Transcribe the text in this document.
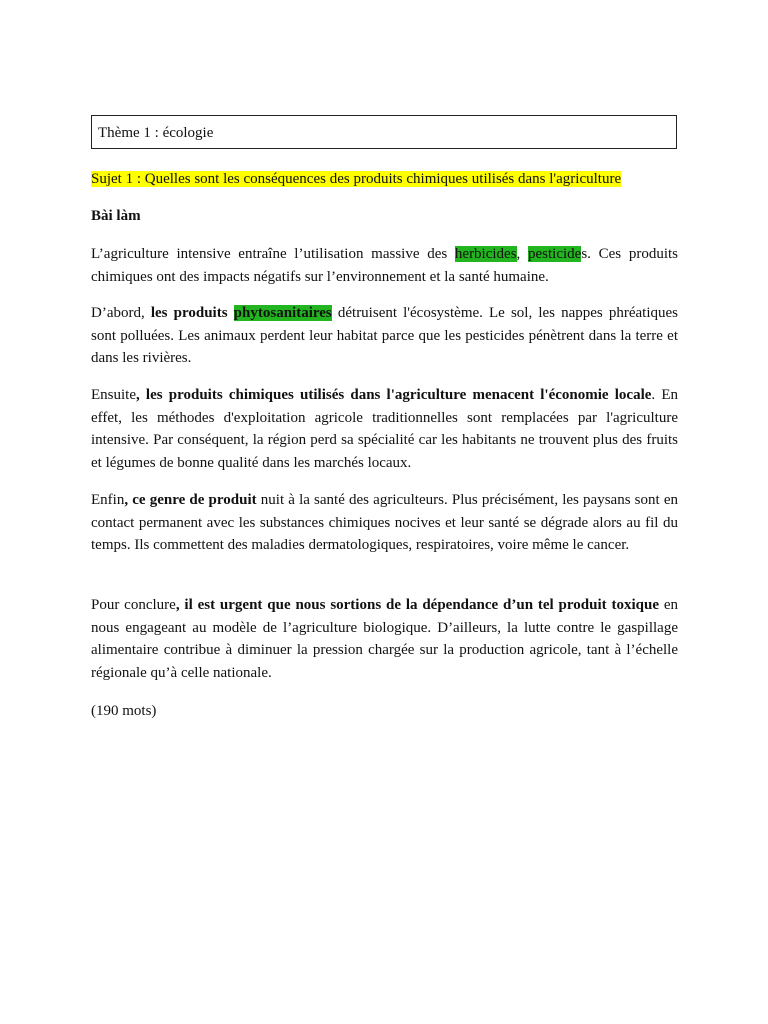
Thème 1 : écologie
Sujet 1 : Quelles sont les conséquences des produits chimiques utilisés dans l'agriculture
Bài làm

L’agriculture intensive entraîne l’utilisation massive des herbicides, pesticides. Ces produits chimiques ont des impacts négatifs sur l’environnement et la santé humaine.

D’abord, les produits phytosanitaires détruisent l'écosystème. Le sol, les nappes phréatiques sont polluées. Les animaux perdent leur habitat parce que les pesticides pénètrent dans la terre et dans les rivières.

Ensuite, les produits chimiques utilisés dans l'agriculture menacent l'économie locale. En effet, les méthodes d'exploitation agricole traditionnelles sont remplacées par l'agriculture intensive. Par conséquent, la région perd sa spécialité car les habitants ne trouvent plus des fruits et légumes de bonne qualité dans les marchés locaux.

Enfin, ce genre de produit nuit à la santé des agriculteurs. Plus précisément, les paysans sont en contact permanent avec les substances chimiques nocives et leur santé se dégrade alors au fil du temps. Ils commettent des maladies dermatologiques, respiratoires, voire même le cancer.

Pour conclure, il est urgent que nous sortions de la dépendance d’un tel produit toxique en nous engageant au modèle de l’agriculture biologique. D’ailleurs, la lutte contre le gaspillage alimentaire contribue à diminuer la pression chargée sur la production agricole, tant à l’échelle régionale qu’à celle nationale.

(190 mots)
